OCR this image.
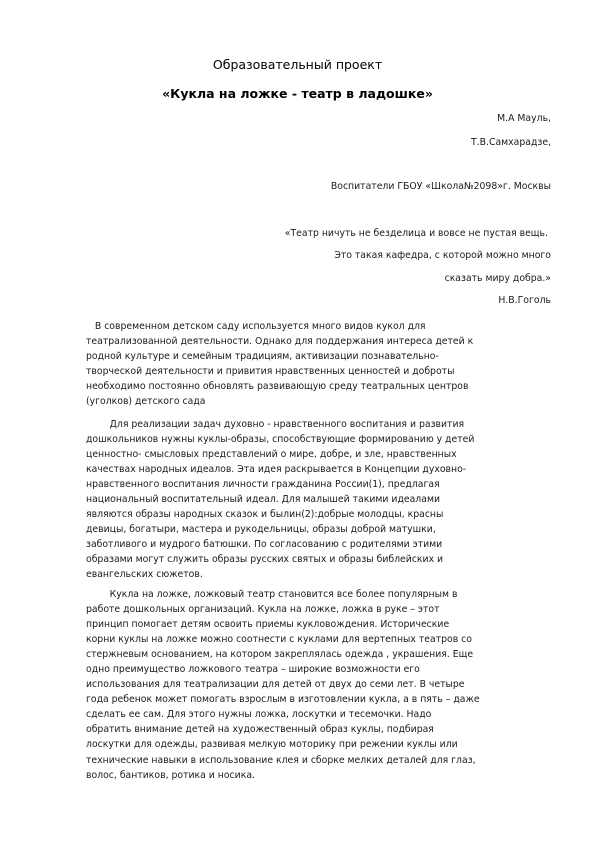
Образовательный проект
«Кукла на ложке - театр в ладошке»
М.А Мауль,
Т.В.Самхарадзе,
Воспитатели ГБОУ «Школа№2098»г. Москвы
«Театр ничуть не безделица и вовсе не пустая вещь.
Это такая кафедра, с которой можно много
сказать миру добра.»
Н.В.Гоголь
В современном детском саду используется много видов кукол для
театрализованной деятельности. Однако для поддержания интереса детей к
родной культуре и семейным традициям, активизации познавательно-
творческой деятельности и привития нравственных ценностей и доброты
необходимо постоянно обновлять развивающую среду театральных центров
(уголков) детского сада
Для реализации задач духовно - нравственного воспитания и развития
дошкольников нужны куклы-образы, способствующие формированию у детей
ценностно- смысловых представлений о мире, добре, и зле, нравственных
качествах народных идеалов. Эта идея раскрывается в Концепции духовно-
нравственного воспитания личности гражданина России(1), предлагая
национальный воспитательный идеал. Для малышей такими идеалами
являются образы народных сказок и былин(2):добрые молодцы, красны
девицы, богатыри, мастера и рукодельницы, образы доброй матушки,
заботливого и мудрого батюшки. По согласованию с родителями этими
образами могут служить образы русских святых и образы библейских и
евангельских сюжетов.
Кукла на ложке, ложковый театр становится все более популярным в
работе дошкольных организаций. Кукла на ложке, ложка в руке – этот
принцип помогает детям освоить приемы кукловождения. Исторические
корни куклы на ложке можно соотнести с куклами для вертепных театров со
стержневым основанием, на котором закреплялась одежда , украшения. Еще
одно преимущество ложкового театра – широкие возможности его
использования для театрализации для детей от двух до семи лет. В четыре
года ребенок может помогать взрослым в изготовлении кукла, а в пять – даже
сделать ее сам. Для этого нужны ложка, лоскутки и тесемочки. Надо
обратить внимание детей на художественный образ куклы, подбирая
лоскутки для одежды, развивая мелкую моторику при режении куклы или
технические навыки в использование клея и сборке мелких деталей для глаз,
волос, бантиков, ротика и носика.
